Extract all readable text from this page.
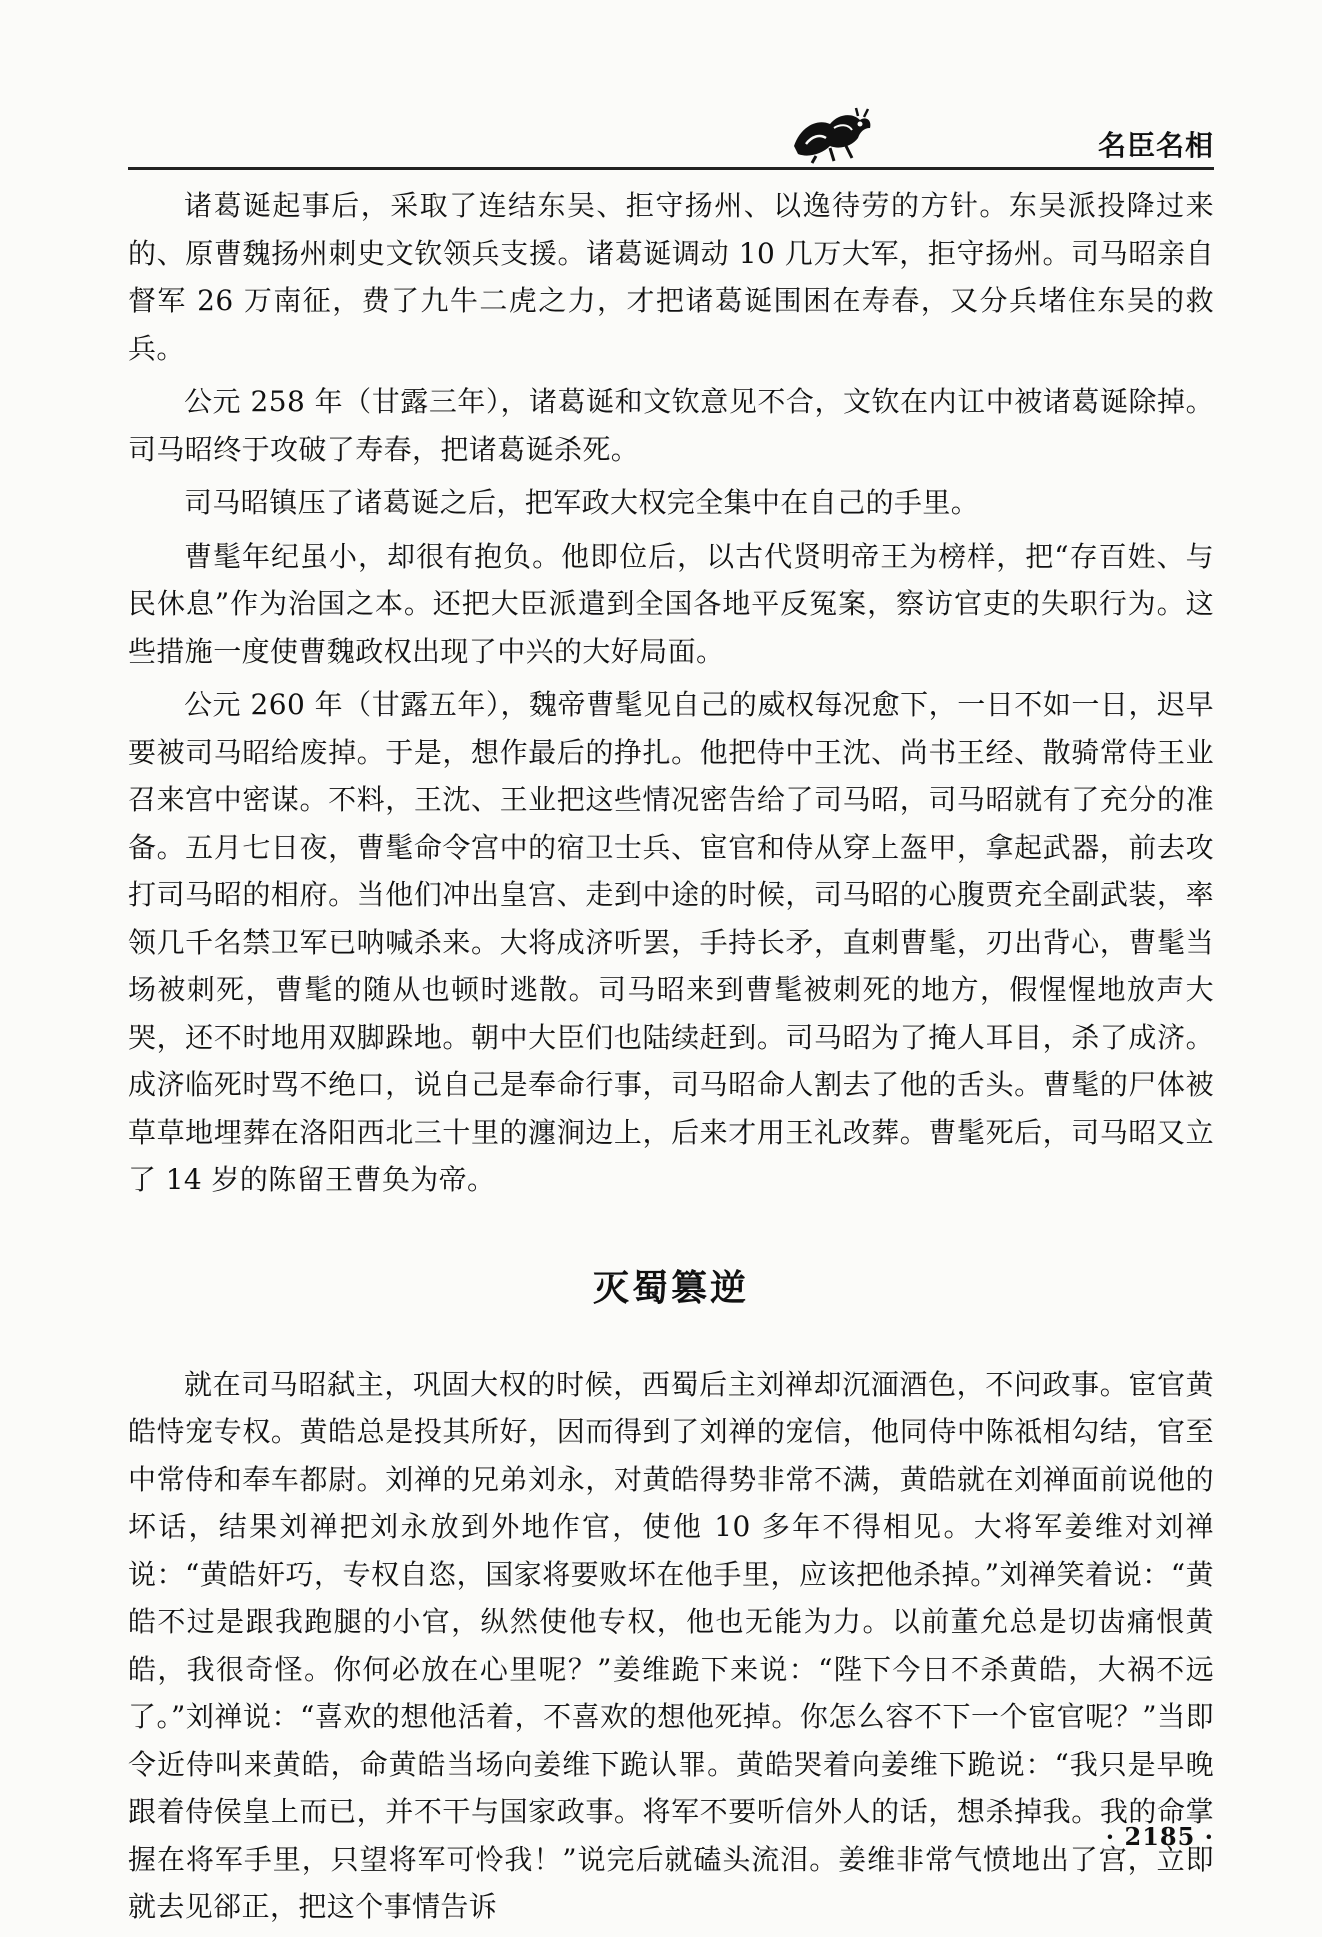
名臣名相

诸葛诞起事后，采取了连结东吴、拒守扬州、以逸待劳的方针。东吴派投降过来的、原曹魏扬州刺史文钦领兵支援。诸葛诞调动 10 几万大军，拒守扬州。司马昭亲自督军 26 万南征，费了九牛二虎之力，才把诸葛诞围困在寿春，又分兵堵住东吴的救兵。

公元 258 年（甘露三年），诸葛诞和文钦意见不合，文钦在内讧中被诸葛诞除掉。司马昭终于攻破了寿春，把诸葛诞杀死。

司马昭镇压了诸葛诞之后，把军政大权完全集中在自己的手里。

曹髦年纪虽小，却很有抱负。他即位后，以古代贤明帝王为榜样，把“存百姓、与民休息”作为治国之本。还把大臣派遣到全国各地平反冤案，察访官吏的失职行为。这些措施一度使曹魏政权出现了中兴的大好局面。

公元 260 年（甘露五年），魏帝曹髦见自己的威权每况愈下，一日不如一日，迟早要被司马昭给废掉。于是，想作最后的挣扎。他把侍中王沈、尚书王经、散骑常侍王业召来宫中密谋。不料，王沈、王业把这些情况密告给了司马昭，司马昭就有了充分的准备。五月七日夜，曹髦命令宫中的宿卫士兵、宦官和侍从穿上盔甲，拿起武器，前去攻打司马昭的相府。当他们冲出皇宫、走到中途的时候，司马昭的心腹贾充全副武装，率领几千名禁卫军已呐喊杀来。大将成济听罢，手持长矛，直刺曹髦，刃出背心，曹髦当场被刺死，曹髦的随从也顿时逃散。司马昭来到曹髦被刺死的地方，假惺惺地放声大哭，还不时地用双脚跺地。朝中大臣们也陆续赶到。司马昭为了掩人耳目，杀了成济。成济临死时骂不绝口，说自己是奉命行事，司马昭命人割去了他的舌头。曹髦的尸体被草草地埋葬在洛阳西北三十里的瀍涧边上，后来才用王礼改葬。曹髦死后，司马昭又立了 14 岁的陈留王曹奂为帝。

灭蜀篡逆

就在司马昭弑主，巩固大权的时候，西蜀后主刘禅却沉湎酒色，不问政事。宦官黄皓恃宠专权。黄皓总是投其所好，因而得到了刘禅的宠信，他同侍中陈祗相勾结，官至中常侍和奉车都尉。刘禅的兄弟刘永，对黄皓得势非常不满，黄皓就在刘禅面前说他的坏话，结果刘禅把刘永放到外地作官，使他 10 多年不得相见。大将军姜维对刘禅说：“黄皓奸巧，专权自恣，国家将要败坏在他手里，应该把他杀掉。”刘禅笑着说：“黄皓不过是跟我跑腿的小官，纵然使他专权，他也无能为力。以前董允总是切齿痛恨黄皓，我很奇怪。你何必放在心里呢？”姜维跪下来说：“陛下今日不杀黄皓，大祸不远了。”刘禅说：“喜欢的想他活着，不喜欢的想他死掉。你怎么容不下一个宦官呢？”当即令近侍叫来黄皓，命黄皓当场向姜维下跪认罪。黄皓哭着向姜维下跪说：“我只是早晚跟着侍侯皇上而已，并不干与国家政事。将军不要听信外人的话，想杀掉我。我的命掌握在将军手里，只望将军可怜我！”说完后就磕头流泪。姜维非常气愤地出了宫，立即就去见郤正，把这个事情告诉

· 2185 ·
